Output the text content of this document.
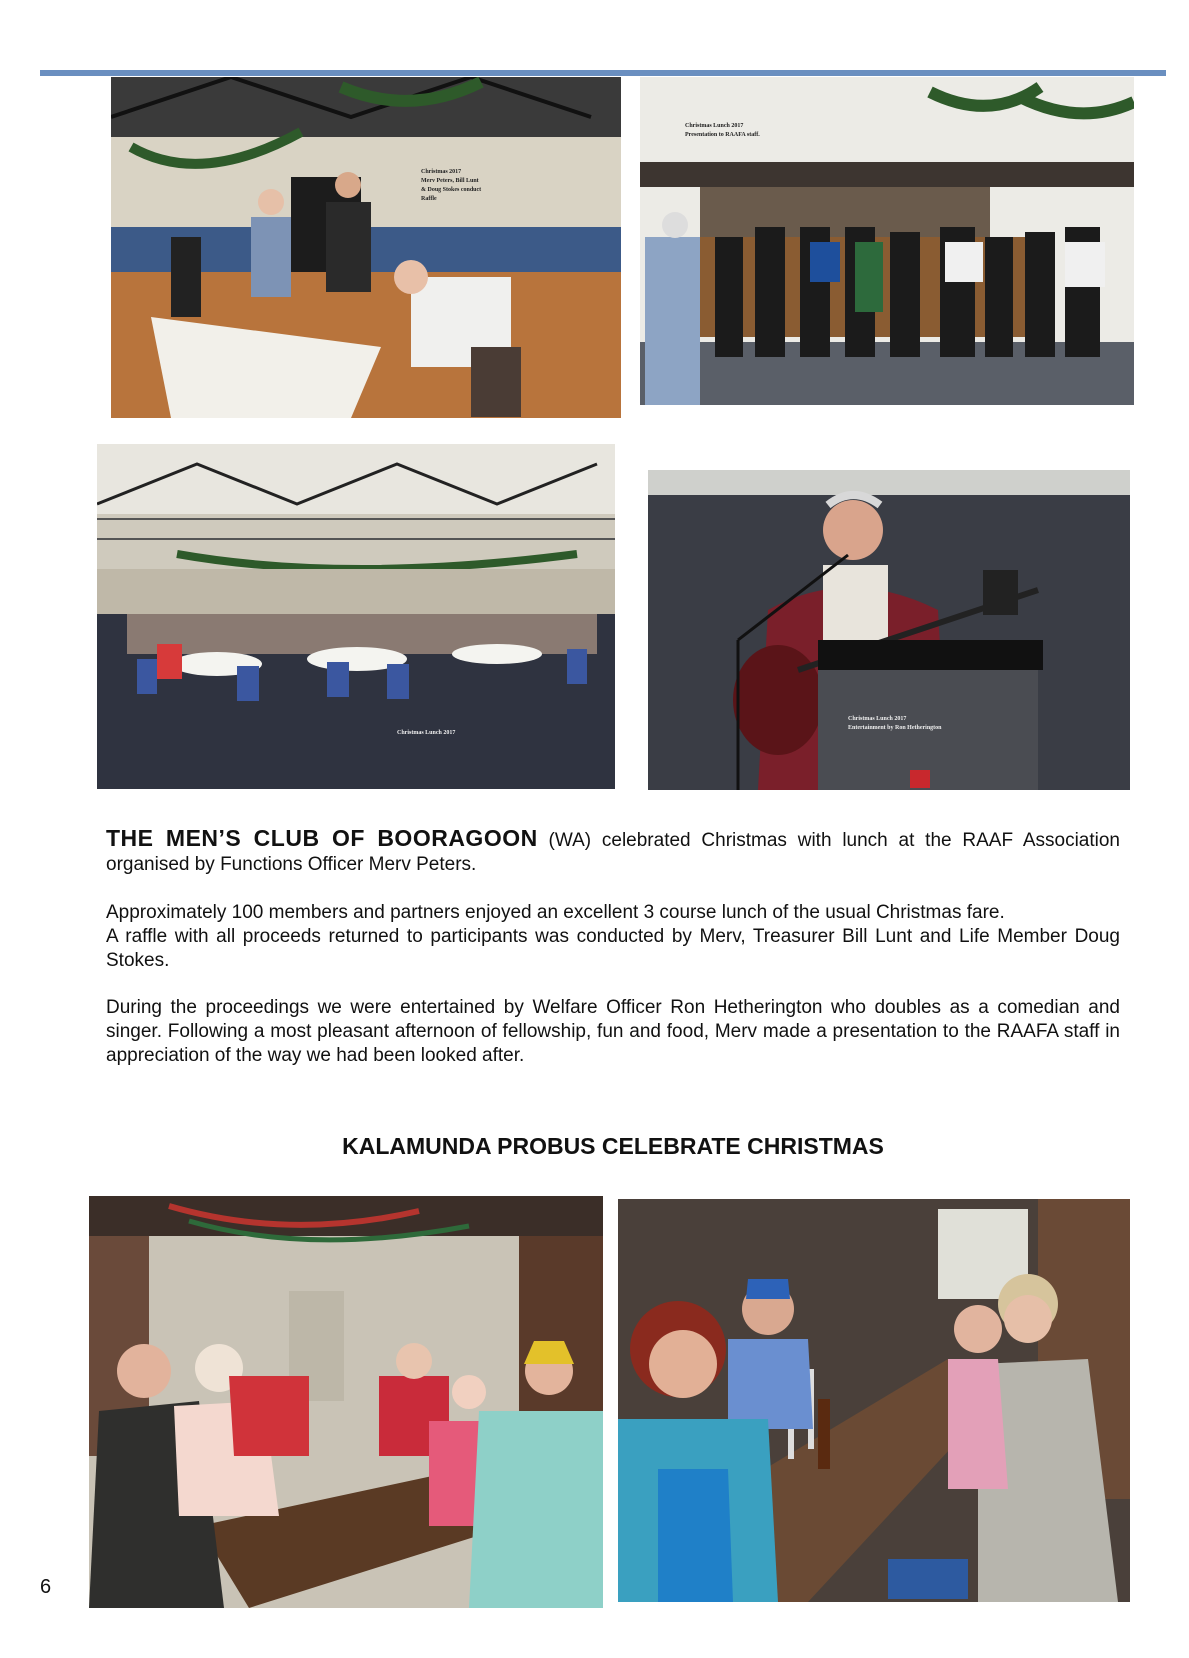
Christmas 2017
Merv Peters, Bill Lunt
& Doug Stokes conduct
Raffle
Christmas Lunch 2017
Presentation to RAAFA staff.
Christmas Lunch 2017
Christmas Lunch 2017
Entertainment by Ron Hetherington

THE MEN’S CLUB OF BOORAGOON (WA) celebrated Christmas with lunch at the RAAF Association organised by Functions Officer Merv Peters.

Approximately 100 members and partners enjoyed an excellent 3 course lunch of the usual Christmas fare.

A raffle with all proceeds returned to participants was conducted by Merv, Treasurer Bill Lunt and Life Member Doug Stokes.

During the proceedings we were entertained by Welfare Officer Ron Hetherington who doubles as a comedian and singer. Following a most pleasant afternoon of fellowship, fun and food, Merv made a presentation to the RAAFA staff in appreciation of the way we had been looked after.

KALAMUNDA PROBUS CELEBRATE CHRISTMAS
6
